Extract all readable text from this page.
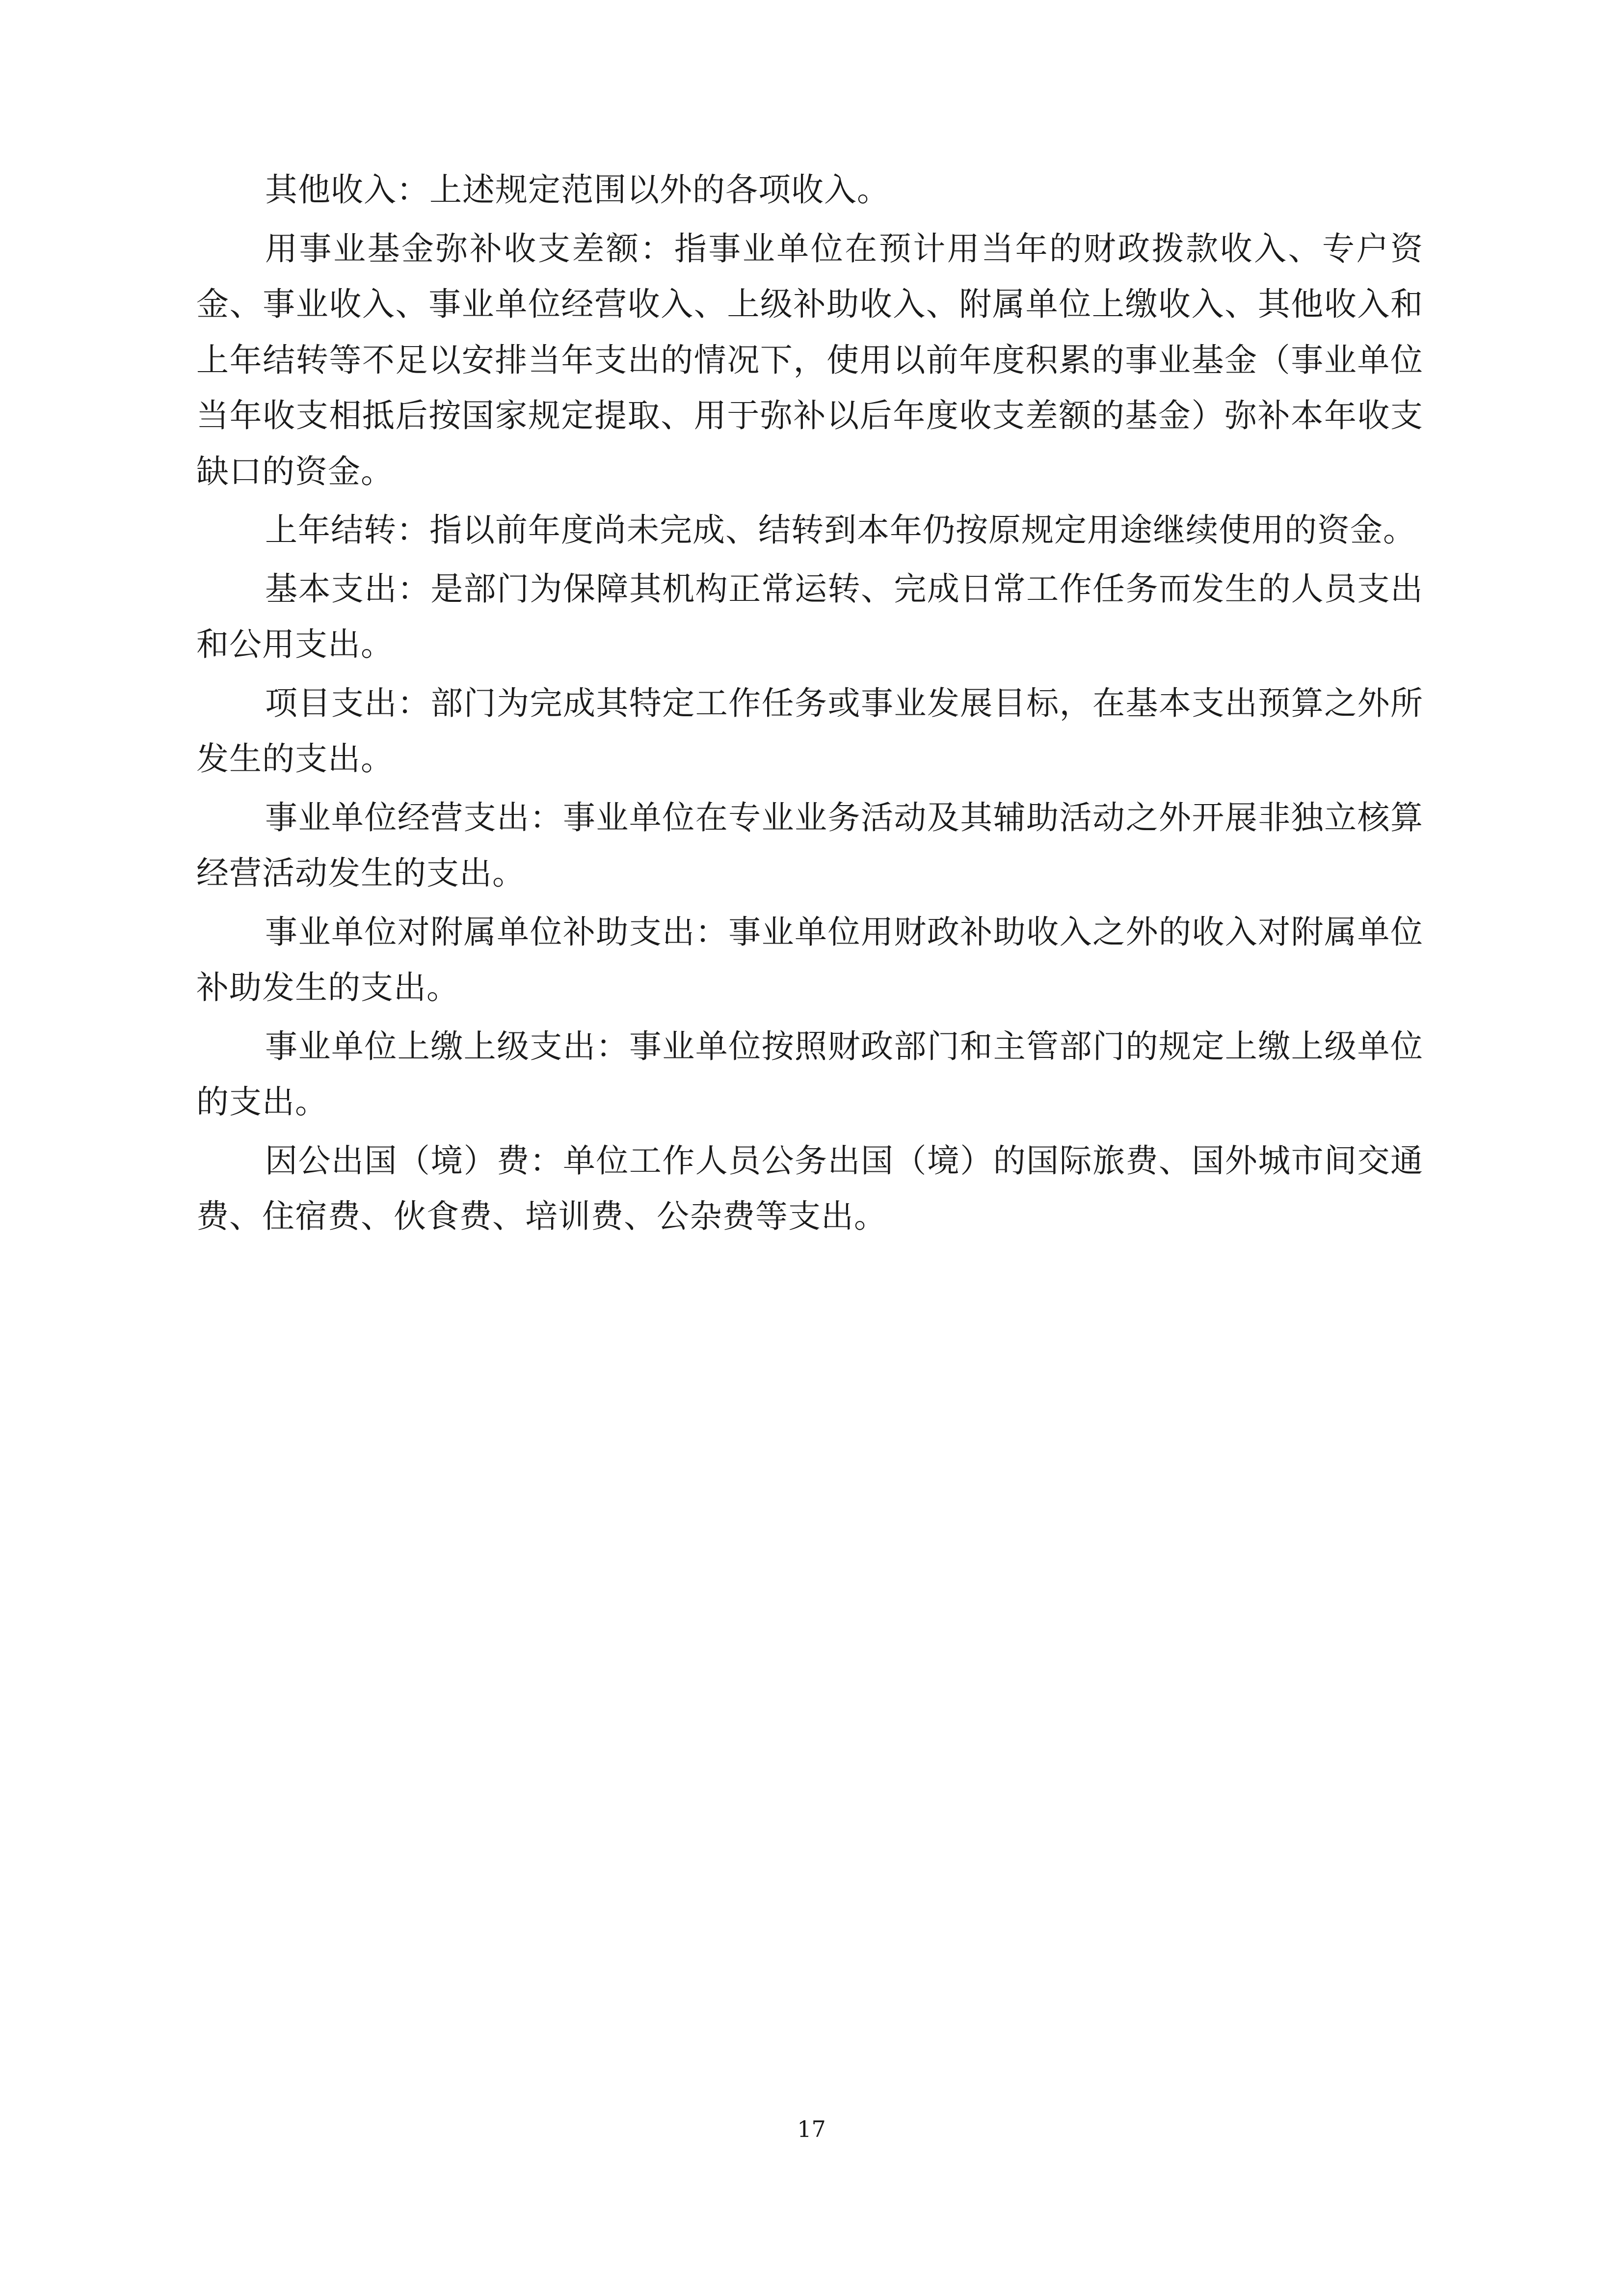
其他收入：上述规定范围以外的各项收入。

用事业基金弥补收支差额：指事业单位在预计用当年的财政拨款收入、专户资金、事业收入、事业单位经营收入、上级补助收入、附属单位上缴收入、其他收入和上年结转等不足以安排当年支出的情况下，使用以前年度积累的事业基金（事业单位当年收支相抵后按国家规定提取、用于弥补以后年度收支差额的基金）弥补本年收支缺口的资金。

上年结转：指以前年度尚未完成、结转到本年仍按原规定用途继续使用的资金。

基本支出：是部门为保障其机构正常运转、完成日常工作任务而发生的人员支出和公用支出。

项目支出：部门为完成其特定工作任务或事业发展目标，在基本支出预算之外所发生的支出。

事业单位经营支出：事业单位在专业业务活动及其辅助活动之外开展非独立核算经营活动发生的支出。

事业单位对附属单位补助支出：事业单位用财政补助收入之外的收入对附属单位补助发生的支出。

事业单位上缴上级支出：事业单位按照财政部门和主管部门的规定上缴上级单位的支出。

因公出国（境）费：单位工作人员公务出国（境）的国际旅费、国外城市间交通费、住宿费、伙食费、培训费、公杂费等支出。

17
